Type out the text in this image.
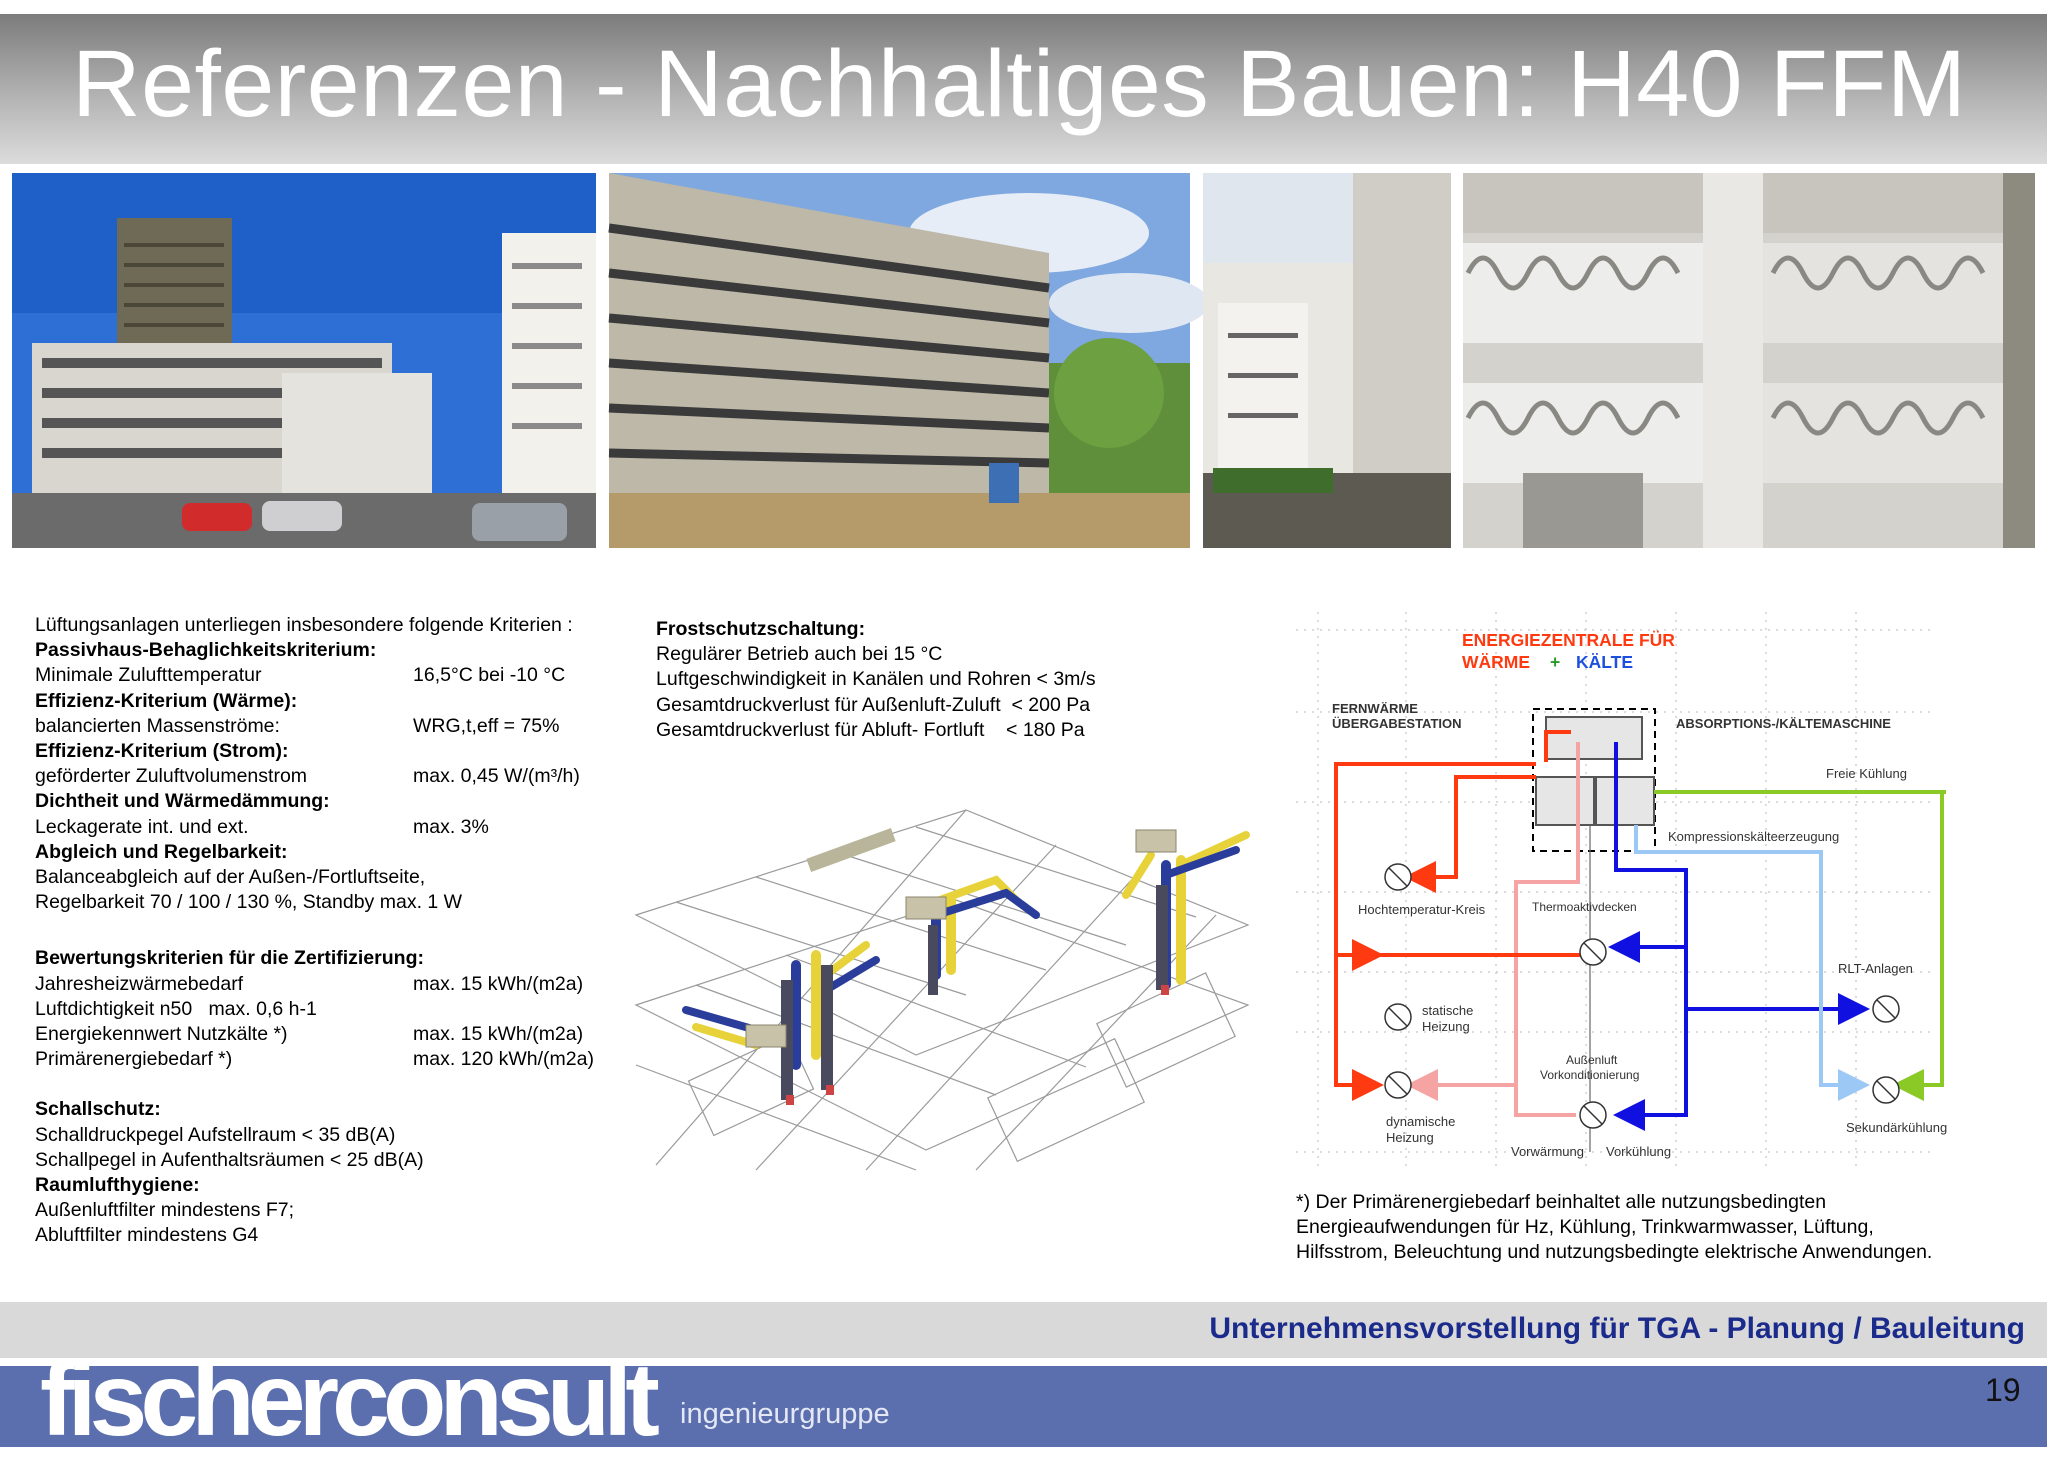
Referenzen - Nachhaltiges Bauen: H40 FFM
Lüftungsanlagen unterliegen insbesondere folgende Kriterien :
Passivhaus-Behaglichkeitskriterium:
Minimale Zulufttemperatur	16,5°C bei -10 °C
Effizienz-Kriterium (Wärme):
balancierten Massenströme:	WRG,t,eff = 75%
Effizienz-Kriterium (Strom):
geförderter Zuluftvolumenstrom	max. 0,45 W/(m³/h)
Dichtheit und Wärmedämmung:
Leckagerate int. und ext.	max. 3%
Abgleich und Regelbarkeit:
Balanceabgleich auf der Außen-/Fortluftseite,
Regelbarkeit 70 / 100 / 130 %, Standby max. 1 W
Bewertungskriterien für die Zertifizierung:
Jahresheizwärmebedarf	max. 15 kWh/(m2a)
Luftdichtigkeit n50   max. 0,6 h-1
Energiekennwert Nutzkälte *)	max. 15 kWh/(m2a)
Primärenergiebedarf *)	max. 120 kWh/(m2a)
Schallschutz:
Schalldruckpegel Aufstellraum < 35 dB(A)
Schallpegel in Aufenthaltsräumen < 25 dB(A)
Raumlufthygiene:
Außenluftfilter mindestens F7;
Abluftfilter mindestens G4
Frostschutzschaltung:
Regulärer Betrieb auch bei 15 °C
Luftgeschwindigkeit in Kanälen und Rohren < 3m/s
Gesamtdruckverlust für Außenluft-Zuluft  < 200 Pa
Gesamtdruckverlust für Abluft- Fortluft    < 180 Pa
ENERGIEZENTRALE FÜR
WÄRME + KÄLTE
FERNWÄRME
ÜBERGABESTATION	ABSORPTIONS-/KÄLTEMASCHINE
Freie Kühlung
Kompressionskälteerzeugung
Hochtemperatur-Kreis	Thermoaktivdecken
RLT-Anlagen
statische
Heizung
Außenluft
Vorkonditionierung
dynamische
Heizung
Sekundärkühlung
Vorwärmung Vorkühlung
*) Der Primärenergiebedarf beinhaltet alle nutzungsbedingten
Energieaufwendungen für Hz, Kühlung, Trinkwarmwasser, Lüftung,
Hilfsstrom, Beleuchtung und nutzungsbedingte elektrische Anwendungen.
Unternehmensvorstellung für TGA - Planung / Bauleitung
fischerconsult ingenieurgruppe
19
